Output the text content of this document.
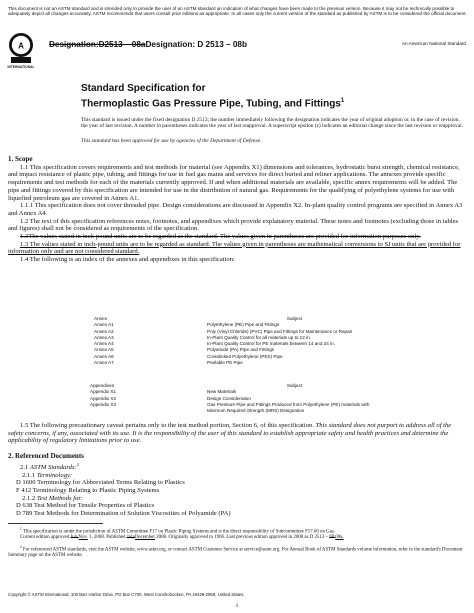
This document is not an ASTM standard and is intended only to provide the user of an ASTM standard an indication of what changes have been made to the previous version. Because it may not be technically possible to adequately depict all changes accurately, ASTM recommends that users consult prior editions as appropriate. In all cases only the current version of the standard as published by ASTM is to be considered the official document.
A
INTERNATIONAL
Designation:D2513 – 08aDesignation: D 2513 – 08b	An American National Standard
Standard Specification for
Thermoplastic Gas Pressure Pipe, Tubing, and Fittings$^1$
This standard is issued under the fixed designation D 2513; the number immediately following the designation indicates the year of original adoption or, in the case of revision, the year of last revision. A number in parentheses indicates the year of last reapproval. A superscript epsilon (ε) indicates an editorial change since the last revision or reapproval.
This standard has been approved for use by agencies of the Department of Defense.

1. Scope

1.1 This specification covers requirements and test methods for material (see Appendix X1) dimensions and tolerances, hydrostatic burst strength, chemical resistance, and impact resistance of plastic pipe, tubing, and fittings for use in fuel gas mains and services for direct buried and reliner applications. The annexes provide specific requirements and test methods for each of the materials currently approved. If and when additional materials are available, specific annex requirements will be added. The pipe and fittings covered by this specification are intended for use in the distribution of natural gas. Requirements for the qualifying of polyethylene systems for use with liquefied petroleum gas are covered in Annex A1.

1.1.1 This specification does not cover threaded pipe. Design considerations are discussed in Appendix X2. In-plant quality control programs are specified in Annex A3 and Annex A4.

1.2 The text of this specification references notes, footnotes, and appendixes which provide explanatory material. These notes and footnotes (excluding those in tables and figures) shall not be considered as requirements of the specification.

1.3The values stated in inch-pound units are to be regarded as the standard. The values given in parentheses are provided for information purposes only.

1.3 The values stated in inch-pound units are to be regarded as standard. The values given in parentheses are mathematical conversions to SI units that are provided for information only and are not considered standard.

1.4 The following is an index of the annexes and appendixes in this specification:

Annex	Subject
Annex A1	Polyethylene (PE) Pipe and Fittings
Annex A2	Poly (Vinyl Chloride) (PVC) Pipe and Fittings for Maintenance or Repair
Annex A3	In-Plant Quality Control for all materials up to 12 in.
Annex A4	In-Plant Quality Control for PE materials between 14 and 24 in.
Annex A5	Polyamide (PA) Pipe and Fittings
Annex A6	Crosslinked Polyethylene (PEX) Pipe
Annex A7	Peelable PE Pipe
Appendixes	Subject
Appendix X1	New Materials
Appendix X2	Design Consideration
Appendix X3	Gas Pressure Pipe and Fittings Produced from Polyethylene (PE) materials with Minimum Required Strength (MRS) Designation

1.5 The following precautionary caveat pertains only to the test method portion, Section 6, of this specification. This standard does not purport to address all of the safety concerns, if any, associated with its use. It is the responsibility of the user of this standard to establish appropriate safety and health practices and determine the applicability of regulatory limitations prior to use.

2. Referenced Documents

2.1 ASTM Standards:$^2$

2.1.1 Terminology:

D 1600 Terminology for Abbreviated Terms Relating to Plastics

F 412 Terminology Relating to Plastic Piping Systems

2.1.2 Test Methods for:

D 638 Test Method for Tensile Properties of Plastics

D 789 Test Methods for Determination of Solution Viscosities of Polyamide (PA)

$^1$ This specification is under the jurisdiction of ASTM Committee F17 on Plastic Piping Systems and is the direct responsibility of Subcommittee F17.60 on Gas.

Current edition approved JulyNov. 1, 2008. Published JulyDecember 2008. Originally approved in 1966. Last previous edition approved in 2008 as D 2513 – 08.08a.

$^2$ For referenced ASTM standards, visit the ASTM website, www.astm.org, or contact ASTM Customer Service at service@astm.org. For Annual Book of ASTM Standards volume information, refer to the standard's Document Summary page on the ASTM website.

Copyright © ASTM International, 100 Barr Harbor Drive, PO Box C700, West Conshohocken, PA 19428-2959, United States.
1
